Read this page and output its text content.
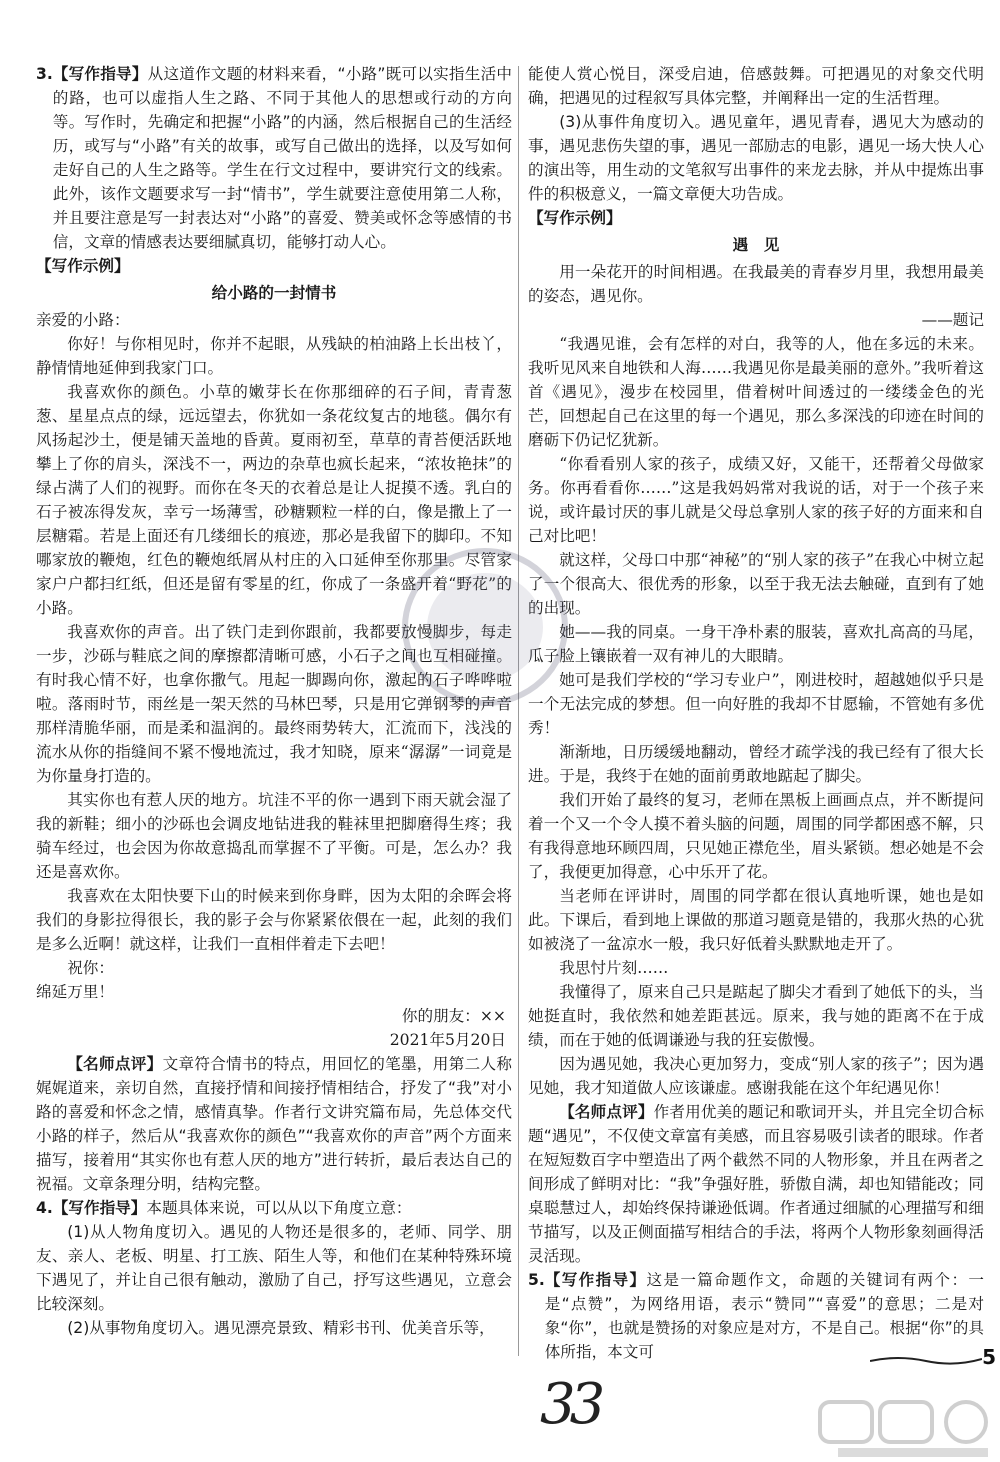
3. 【写作指导】从这道作文题的材料来看，“小路”既可以实指生活中的路，也可以虚指人生之路、不同于其他人的思想或行动的方向等。写作时，先确定和把握“小路”的内涵，然后根据自己的生活经历，或写与“小路”有关的故事，或写自己做出的选择，以及写如何走好自己的人生之路等。学生在行文过程中，要讲究行文的线索。此外，该作文题要求写一封“情书”，学生就要注意使用第二人称，并且要注意是写一封表达对“小路”的喜爱、赞美或怀念等感情的书信，文章的情感表达要细腻真切，能够打动人心。

【写作示例】

给小路的一封情书

亲爱的小路：

你好！与你相见时，你并不起眼，从残缺的柏油路上长出枝丫，静情情地延伸到我家门口。

我喜欢你的颜色。小草的嫩芽长在你那细碎的石子间，青青葱葱、星星点点的绿，远远望去，你犹如一条花纹复古的地毯。偶尔有风扬起沙土，便是铺天盖地的昏黄。夏雨初至，草草的青苔便活跃地攀上了你的肩头，深浅不一，两边的杂草也疯长起来，“浓妆艳抹”的绿占满了人们的视野。而你在冬天的衣着总是让人捉摸不透。乳白的石子被冻得发灰，幸亏一场薄雪，砂糖颗粒一样的白，像是撒上了一层糖霜。若是上面还有几缕细长的痕迹，那必是我留下的脚印。不知哪家放的鞭炮，红色的鞭炮纸屑从村庄的入口延伸至你那里。尽管家家户户都扫红纸，但还是留有零星的红，你成了一条盛开着“野花”的小路。

我喜欢你的声音。出了铁门走到你跟前，我都要放慢脚步，每走一步，沙砾与鞋底之间的摩擦都清晰可感，小石子之间也互相碰撞。有时我心情不好，也拿你撒气。甩起一脚踢向你，激起的石子哗哗啦啦。落雨时节，雨丝是一架天然的马林巴琴，只是用它弹钢琴的声音那样清脆华丽，而是柔和温润的。最终雨势转大，汇流而下，浅浅的流水从你的指缝间不紧不慢地流过，我才知晓，原来“潺潺”一词竟是为你量身打造的。

其实你也有惹人厌的地方。坑洼不平的你一遇到下雨天就会湿了我的新鞋；细小的沙砾也会调皮地钻进我的鞋袜里把脚磨得生疼；我骑车经过，也会因为你故意捣乱而掌握不了平衡。可是，怎么办？我还是喜欢你。

我喜欢在太阳快要下山的时候来到你身畔，因为太阳的余晖会将我们的身影拉得很长，我的影子会与你紧紧依偎在一起，此刻的我们是多么近啊！就这样，让我们一直相伴着走下去吧！

祝你：

绵延万里！

你的朋友：××

2021年5月20日

【名师点评】文章符合情书的特点，用回忆的笔墨，用第二人称娓娓道来，亲切自然，直接抒情和间接抒情相结合，抒发了“我”对小路的喜爱和怀念之情，感情真挚。作者行文讲究篇布局，先总体交代小路的样子，然后从“我喜欢你的颜色”“我喜欢你的声音”两个方面来描写，接着用“其实你也有惹人厌的地方”进行转折，最后表达自己的祝福。文章条理分明，结构完整。

4. 【写作指导】本题具体来说，可以从以下角度立意：

(1)从人物角度切入。遇见的人物还是很多的，老师、同学、朋友、亲人、老板、明星、打工族、陌生人等，和他们在某种特殊环境下遇见了，并让自己很有触动，激励了自己，抒写这些遇见，立意会比较深刻。

(2)从事物角度切入。遇见漂亮景致、精彩书刊、优美音乐等，

能使人赏心悦目，深受启迪，倍感鼓舞。可把遇见的对象交代明确，把遇见的过程叙写具体完整，并阐释出一定的生活哲理。

(3)从事件角度切入。遇见童年，遇见青春，遇见大为感动的事，遇见悲伤失望的事，遇见一部励志的电影，遇见一场大快人心的演出等，用生动的文笔叙写出事件的来龙去脉，并从中提炼出事件的积极意义，一篇文章便大功告成。

【写作示例】

遇　见

用一朵花开的时间相遇。在我最美的青春岁月里，我想用最美的姿态，遇见你。

——题记

“我遇见谁，会有怎样的对白，我等的人，他在多远的未来。我听见风来自地铁和人海……我遇见你是最美丽的意外。”我听着这首《遇见》，漫步在校园里，借着树叶间透过的一缕缕金色的光芒，回想起自己在这里的每一个遇见，那么多深浅的印迹在时间的磨砺下仍记忆犹新。

“你看看别人家的孩子，成绩又好，又能干，还帮着父母做家务。你再看看你……”这是我妈妈常对我说的话，对于一个孩子来说，或许最讨厌的事儿就是父母总拿别人家的孩子好的方面来和自己对比吧！

就这样，父母口中那“神秘”的“别人家的孩子”在我心中树立起了一个很高大、很优秀的形象，以至于我无法去触碰，直到有了她的出现。

她——我的同桌。一身干净朴素的服装，喜欢扎高高的马尾，瓜子脸上镶嵌着一双有神儿的大眼睛。

她可是我们学校的“学习专业户”，刚进校时，超越她似乎只是一个无法完成的梦想。但一向好胜的我却不甘愿输，不管她有多优秀！

渐渐地，日历缓缓地翻动，曾经才疏学浅的我已经有了很大长进。于是，我终于在她的面前勇敢地踮起了脚尖。

我们开始了最终的复习，老师在黑板上画画点点，并不断提问着一个又一个令人摸不着头脑的问题，周围的同学都困惑不解，只有我得意地环顾四周，只见她正襟危坐，眉头紧锁。想必她是不会了，我便更加得意，心中乐开了花。

当老师在评讲时，周围的同学都在很认真地听课，她也是如此。下课后，看到地上课做的那道习题竟是错的，我那火热的心犹如被浇了一盆凉水一般，我只好低着头默默地走开了。

我思忖片刻……

我懂得了，原来自己只是踮起了脚尖才看到了她低下的头，当她挺直时，我依然和她差距甚远。原来，我与她的距离不在于成绩，而在于她的低调谦逊与我的狂妄傲慢。

因为遇见她，我决心更加努力，变成“别人家的孩子”；因为遇见她，我才知道做人应该谦虚。感谢我能在这个年纪遇见你！

【名师点评】作者用优美的题记和歌词开头，并且完全切合标题“遇见”，不仅使文章富有美感，而且容易吸引读者的眼球。作者在短短数百字中塑造出了两个截然不同的人物形象，并且在两者之间形成了鲜明对比：“我”争强好胜，骄傲自满，却也知错能改；同桌聪慧过人，却始终保持谦逊低调。作者通过细腻的心理描写和细节描写，以及正侧面描写相结合的手法，将两个人物形象刻画得活灵活现。

5. 【写作指导】这是一篇命题作文，命题的关键词有两个：一是“点赞”，为网络用语，表示“赞同”“喜爱”的意思；二是对象“你”，也就是赞扬的对象应是对方，不是自己。根据“你”的具体所指，本文可	5
33
